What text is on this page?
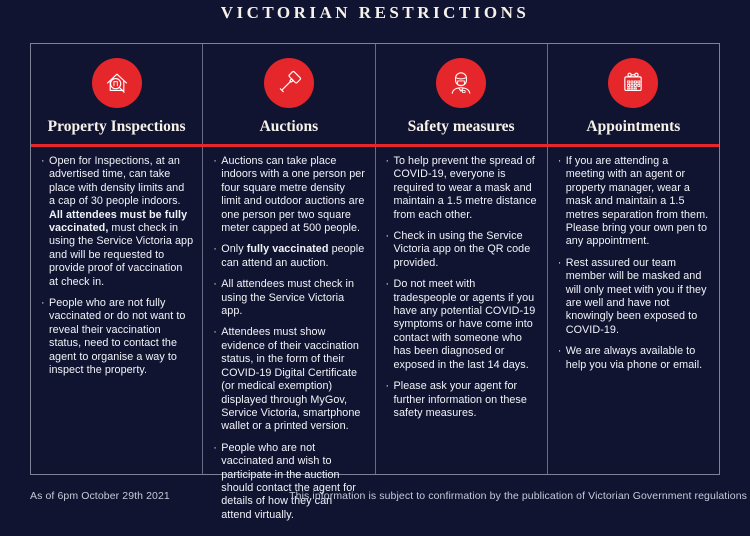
VICTORIAN RESTRICTIONS
Property Inspections
· Open for Inspections, at an advertised time, can take place with density limits and a cap of 30 people indoors. All attendees must be fully vaccinated, must check in using the Service Victoria app and will be requested to provide proof of vaccination at check in.
· People who are not fully vaccinated or do not want to reveal their vaccination status, need to contact the agent to organise a way to inspect the property.
Auctions
· Auctions can take place indoors with a one person per four square metre density limit and outdoor auctions are one person per two square meter capped at 500 people.
· Only fully vaccinated people can attend an auction.
· All attendees must check in using the Service Victoria app.
· Attendees must show evidence of their vaccination status, in the form of their COVID-19 Digital Certificate (or medical exemption) displayed through MyGov, Service Victoria, smartphone wallet or a printed version.
· People who are not vaccinated and wish to participate in the auction should contact the agent for details of how they can attend virtually.
Safety measures
· To help prevent the spread of COVID-19, everyone is required to wear a mask and maintain a 1.5 metre distance from each other.
· Check in using the Service Victoria app on the QR code provided.
· Do not meet with tradespeople or agents if you have any potential COVID-19 symptoms or have come into contact with someone who has been diagnosed or exposed in the last 14 days.
· Please ask your agent for further information on these safety measures.
Appointments
· If you are attending a meeting with an agent or property manager, wear a mask and maintain a 1.5 metres separation from them. Please bring your own pen to any appointment.
· Rest assured our team member will be masked and will only meet with you if they are well and have not knowingly been exposed to COVID-19.
· We are always available to help you via phone or email.
As of 6pm October 29th 2021	This information is subject to confirmation by the publication of Victorian Government regulations
